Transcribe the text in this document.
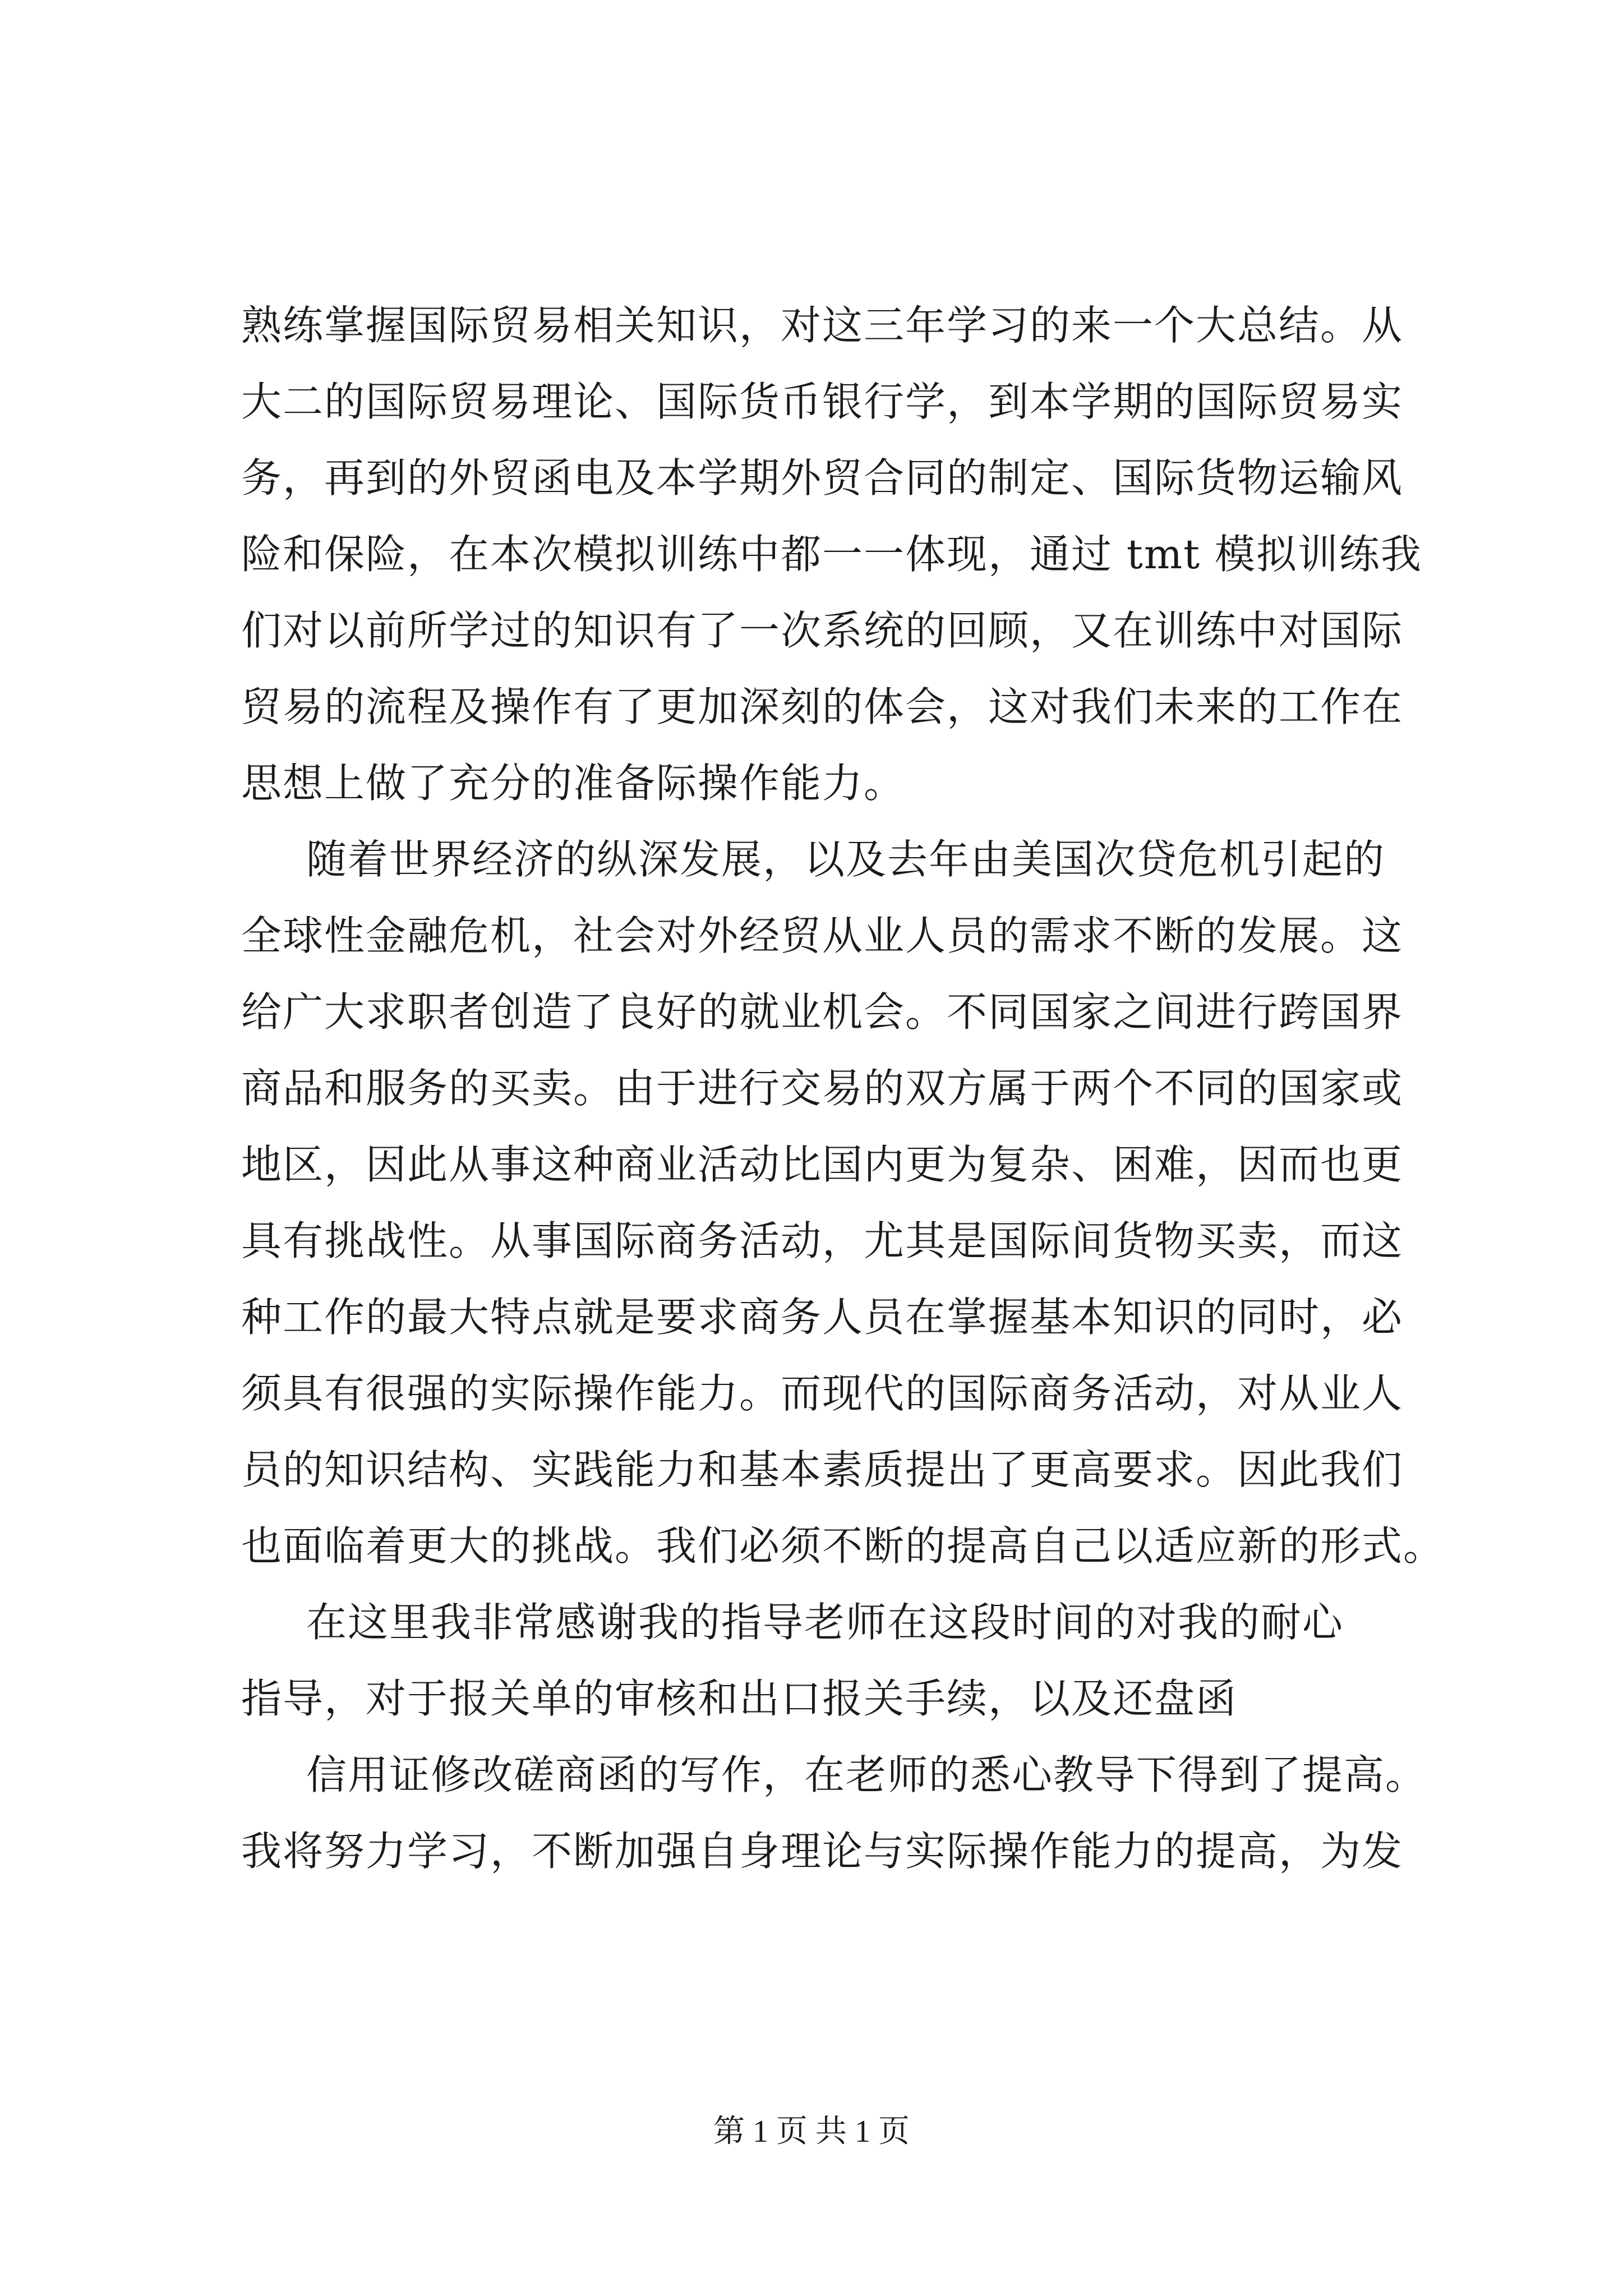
熟练掌握国际贸易相关知识，对这三年学习的来一个大总结。从
大二的国际贸易理论、国际货币银行学，到本学期的国际贸易实
务，再到的外贸函电及本学期外贸合同的制定、国际货物运输风
险和保险，在本次模拟训练中都一一体现，通过 tmt 模拟训练我
们对以前所学过的知识有了一次系统的回顾，又在训练中对国际
贸易的流程及操作有了更加深刻的体会，这对我们未来的工作在
思想上做了充分的准备际操作能力。
随着世界经济的纵深发展，以及去年由美国次贷危机引起的
全球性金融危机，社会对外经贸从业人员的需求不断的发展。这
给广大求职者创造了良好的就业机会。不同国家之间进行跨国界
商品和服务的买卖。由于进行交易的双方属于两个不同的国家或
地区，因此从事这种商业活动比国内更为复杂、困难，因而也更
具有挑战性。从事国际商务活动，尤其是国际间货物买卖，而这
种工作的最大特点就是要求商务人员在掌握基本知识的同时，必
须具有很强的实际操作能力。而现代的国际商务活动，对从业人
员的知识结构、实践能力和基本素质提出了更高要求。因此我们
也面临着更大的挑战。我们必须不断的提高自己以适应新的形式。
在这里我非常感谢我的指导老师在这段时间的对我的耐心
指导，对于报关单的审核和出口报关手续，以及还盘函
信用证修改磋商函的写作，在老师的悉心教导下得到了提高。
我将努力学习，不断加强自身理论与实际操作能力的提高，为发
第 1 页 共 1 页
